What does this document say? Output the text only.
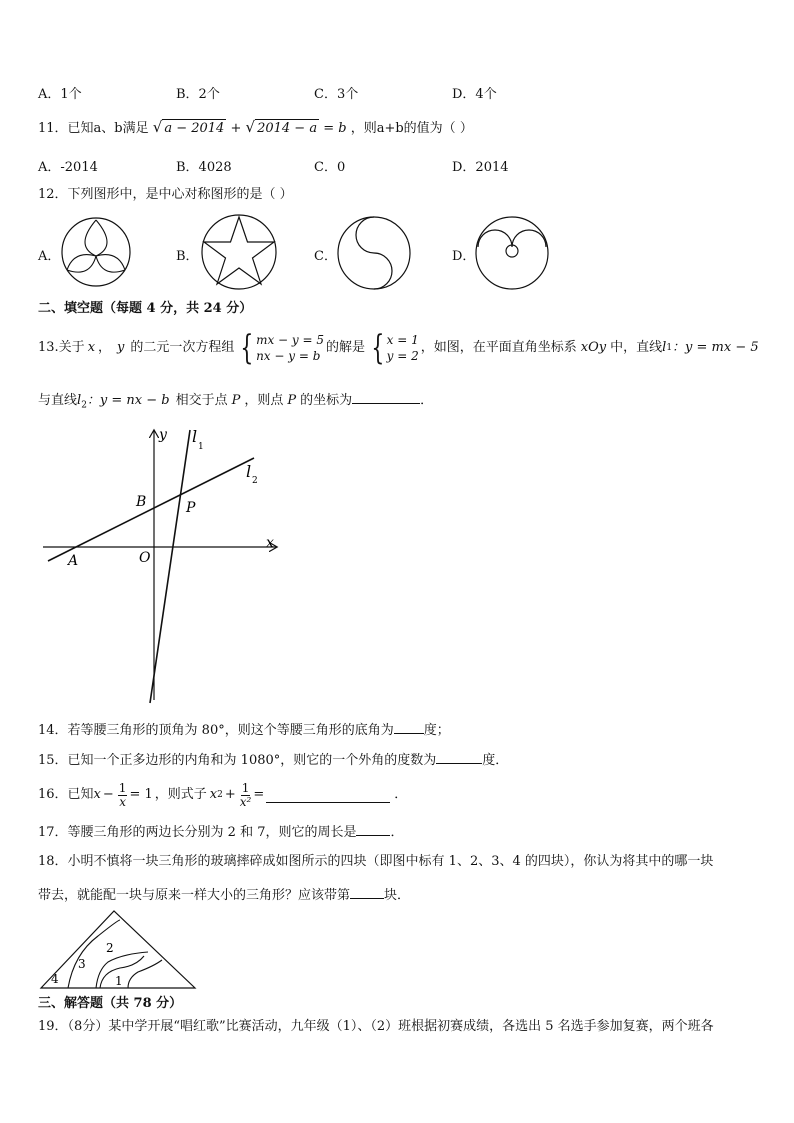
A．1个	B．2个	C．3个	D．4个
11．已知a、b满足 √ a − 2014 + √ 2014 − a = b ，则a+b的值为（ ）
A．-2014	B．4028	C．0	D．2014
12．下列图形中，是中心对称图形的是（ ）
A．	B．	C．	D．
二、填空题（每题 4 分，共 24 分）
13.关于 x ， y 的二元一次方程组 { mx − y = 5
nx − y = b
的解是 { x = 1
y = 2
，如图，在平面直角坐标系 xOy 中，直线 l 1 ：y = mx − 5
与直线$l_2$：y = nx − b 相交于点 P ，则点 P 的坐标为	．
y
x
l
1
l 2
A
B	P
O
14．若等腰三角形的顶角为 80°，则这个等腰三角形的底角为 度；
15．已知一个正多边形的内角和为 1080°，则它的一个外角的度数为	度．
16．已知 $x - \frac{1}{x} = 1$ ，则式子 x $2 + \frac{1}{\text{x²}}$ =	．
17．等腰三角形的两边长分别为 2 和 7，则它的周长是	．
18．小明不慎将一块三角形的玻璃摔碎成如图所示的四块（即图中标有 1、2、3、4 的四块），你认为将其中的哪一块
带去，就能配一块与原来一样大小的三角形？应该带第	块．
1
2
3
4
三、解答题（共 78 分）
19．（8分）某中学开展“唱红歌”比赛活动，九年级（1）、（2）班根据初赛成绩，各选出 5 名选手参加复赛，两个班各
